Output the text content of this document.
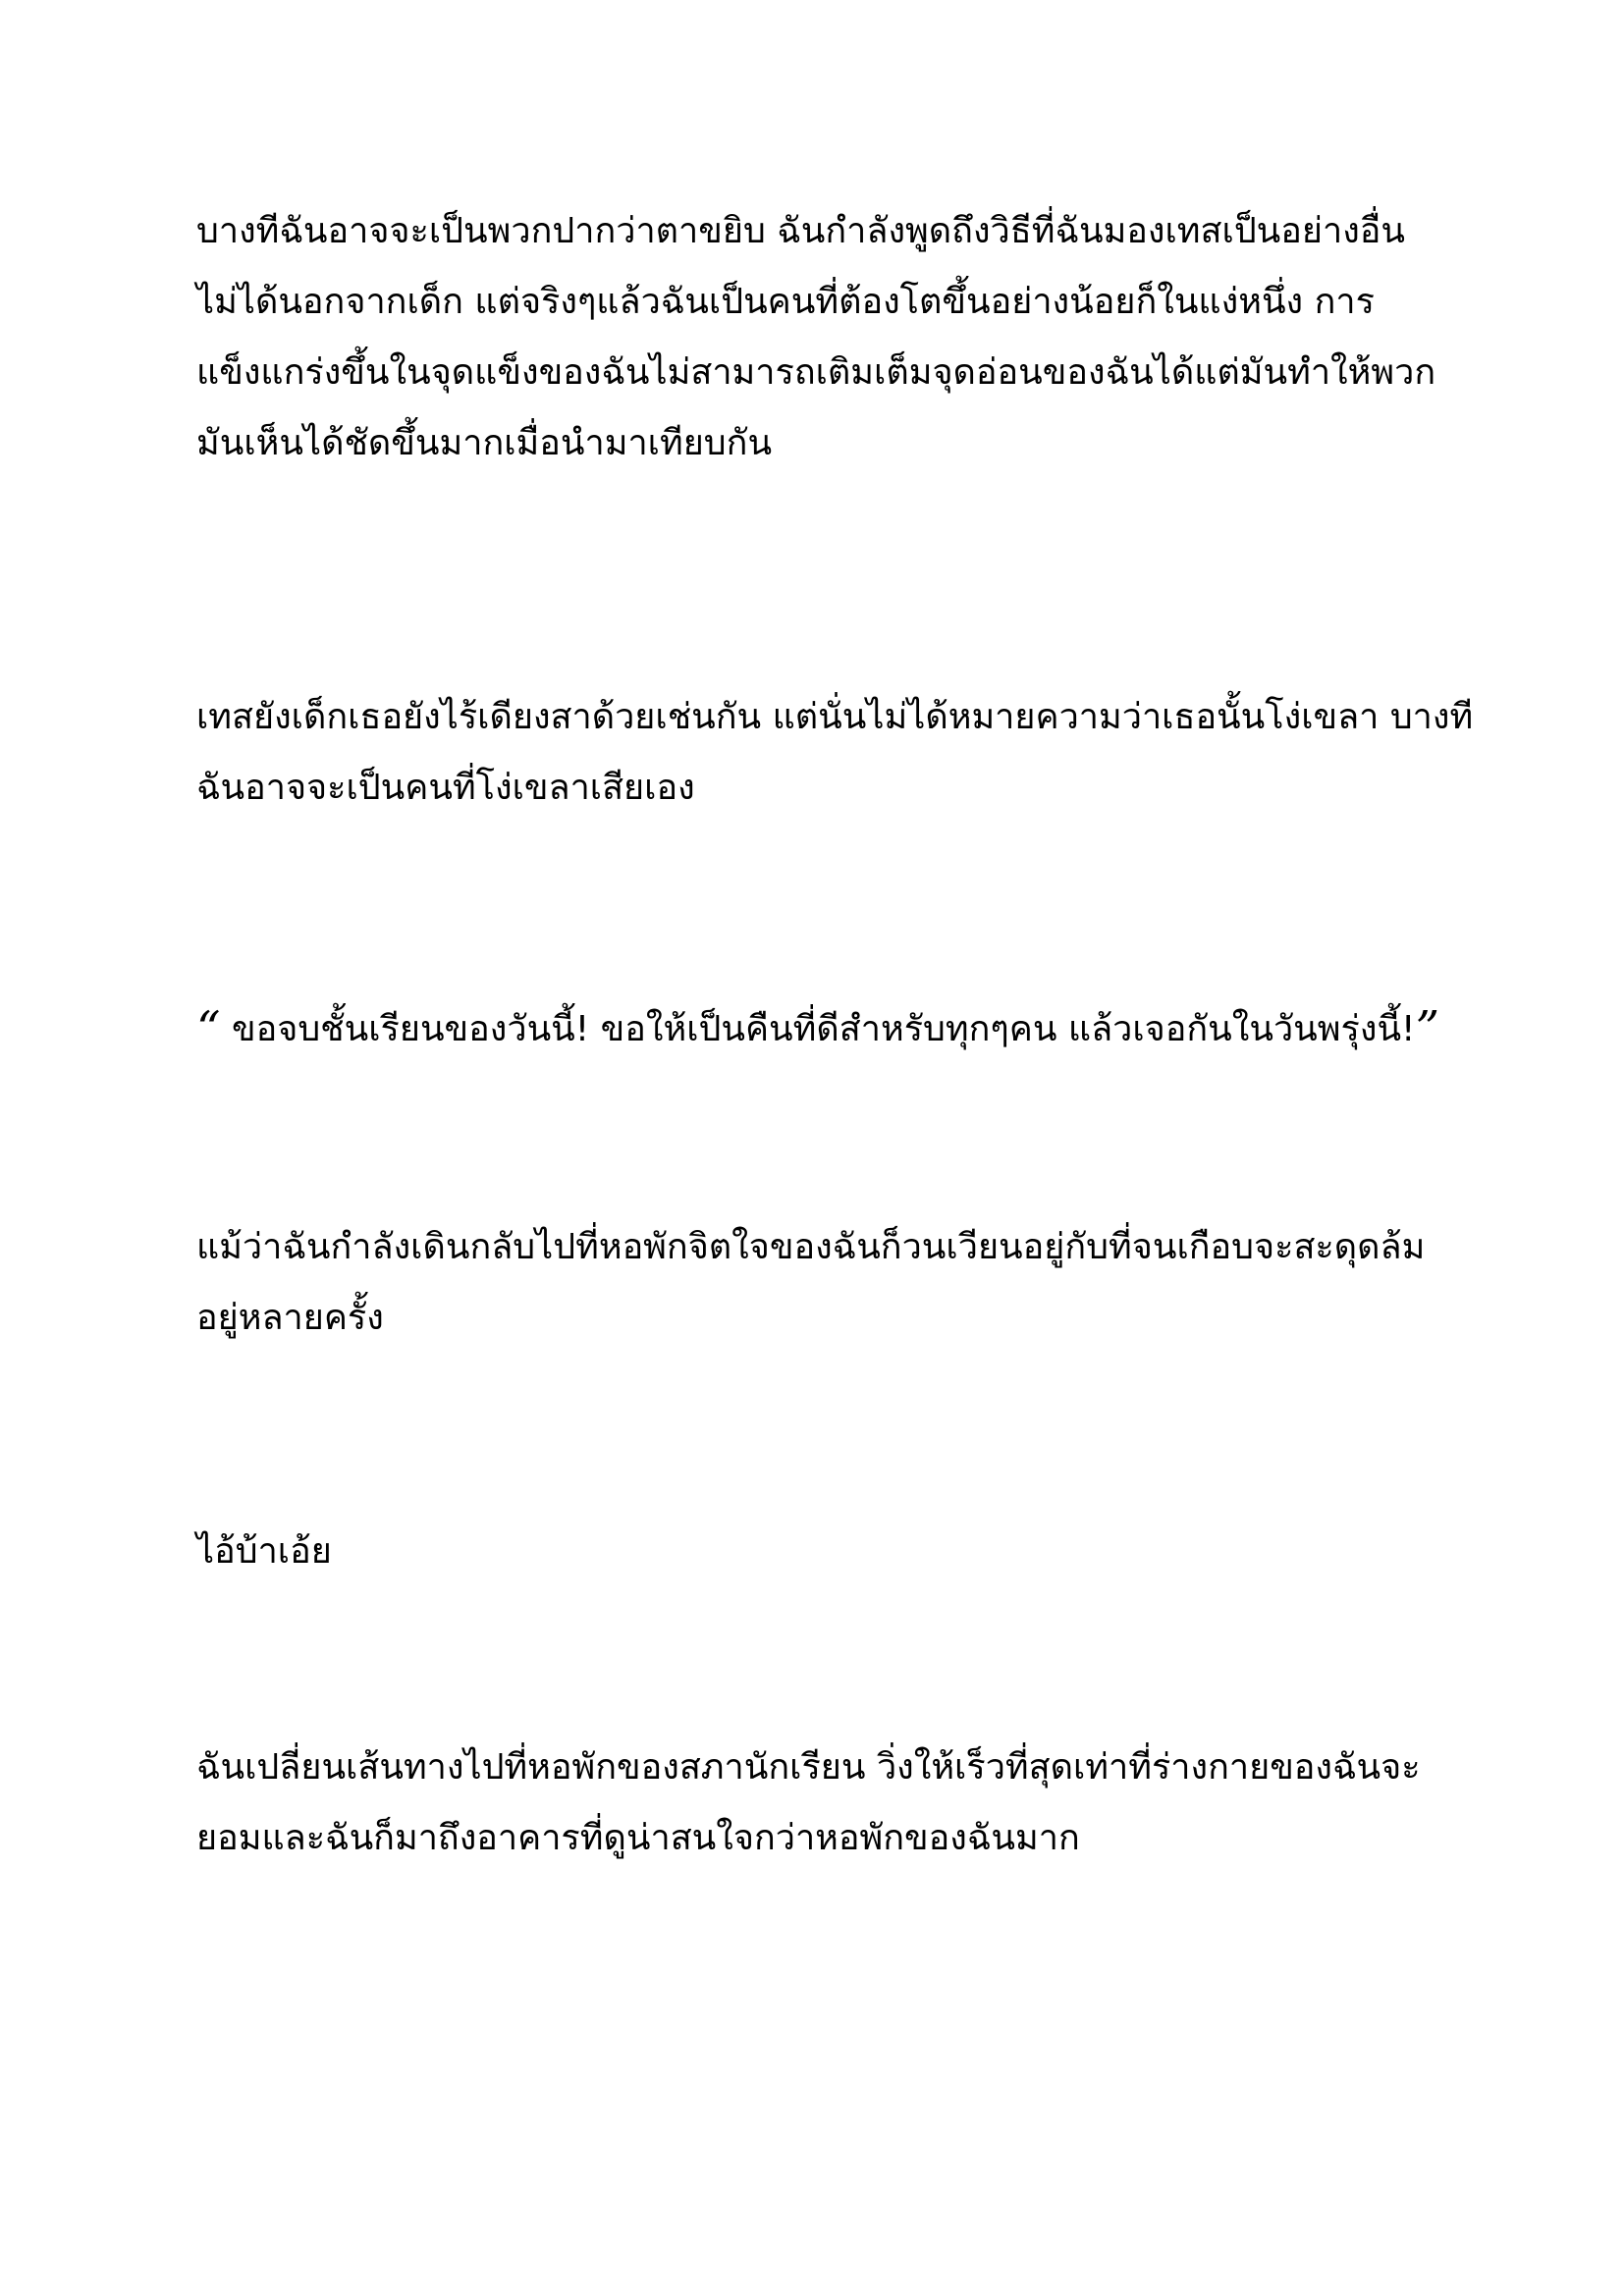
บางทีฉันอาจจะเป็นพวกปากว่าตาขยิบ ฉันกำลังพูดถึงวิธีที่ฉันมองเทสเป็นอย่างอื่น
ไม่ได้นอกจากเด็ก แต่จริงๆแล้วฉันเป็นคนที่ต้องโตขึ้นอย่างน้อยก็ในแง่หนึ่ง การ
แข็งแกร่งขึ้นในจุดแข็งของฉันไม่สามารถเติมเต็มจุดอ่อนของฉันได้แต่มันทำให้พวก
มันเห็นได้ชัดขึ้นมากเมื่อนำมาเทียบกัน

เทสยังเด็กเธอยังไร้เดียงสาด้วยเช่นกัน แต่นั่นไม่ได้หมายความว่าเธอนั้นโง่เขลา บางที
ฉันอาจจะเป็นคนที่โง่เขลาเสียเอง

“ ขอจบชั้นเรียนของวันนี้! ขอให้เป็นคืนที่ดีสำหรับทุกๆคน แล้วเจอกันในวันพรุ่งนี้!”

แม้ว่าฉันกำลังเดินกลับไปที่หอพักจิตใจของฉันก็วนเวียนอยู่กับที่จนเกือบจะสะดุดล้ม
อยู่หลายครั้ง

ไอ้บ้าเอ้ย

ฉันเปลี่ยนเส้นทางไปที่หอพักของสภานักเรียน วิ่งให้เร็วที่สุดเท่าที่ร่างกายของฉันจะ
ยอมและฉันก็มาถึงอาคารที่ดูน่าสนใจกว่าหอพักของฉันมาก
